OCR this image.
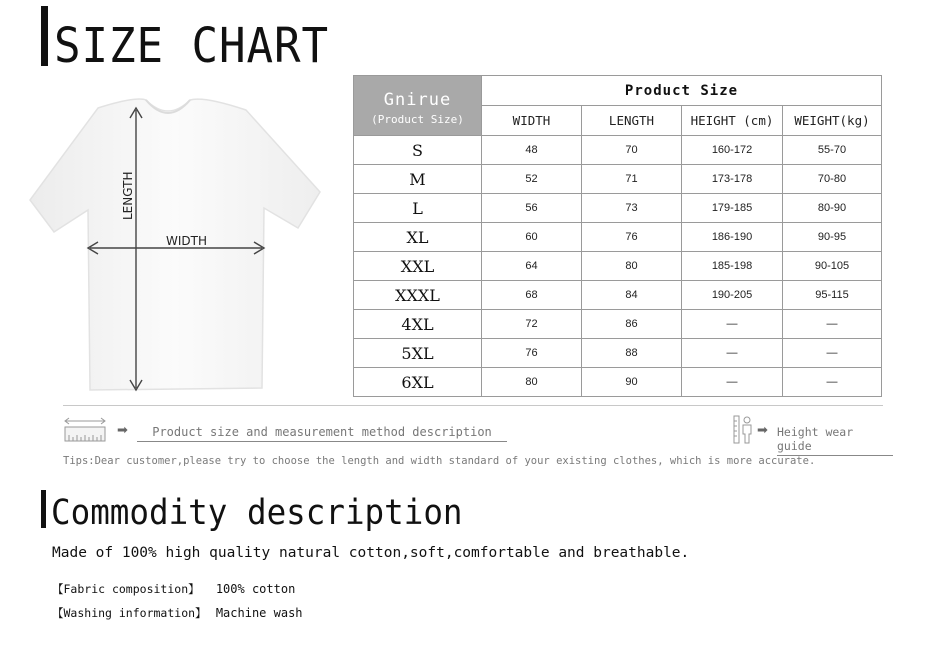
SIZE CHART
LENGTH
WIDTH
Gnirue
(Product Size)	Product Size			
	WIDTH	LENGTH	HEIGHT (cm)	WEIGHT(kg)
S	48	70	160-172	55-70
M	52	71	173-178	70-80
L	56	73	179-185	80-90
XL	60	76	186-190	90-95
XXL	64	80	185-198	90-105
XXXL	68	84	190-205	95-115
4XL	72	86	—	—
5XL	76	88	—	—
6XL	80	90	—	—
➡	Product size and measurement method description	➡ Height wear guide
Tips:Dear customer,please try to choose the length and width standard of your existing clothes, which is more accurate.
Commodity description
Made of 100% high quality natural cotton,soft,comfortable and breathable.
【Fabric composition】 100% cotton
【Washing information】 Machine wash
